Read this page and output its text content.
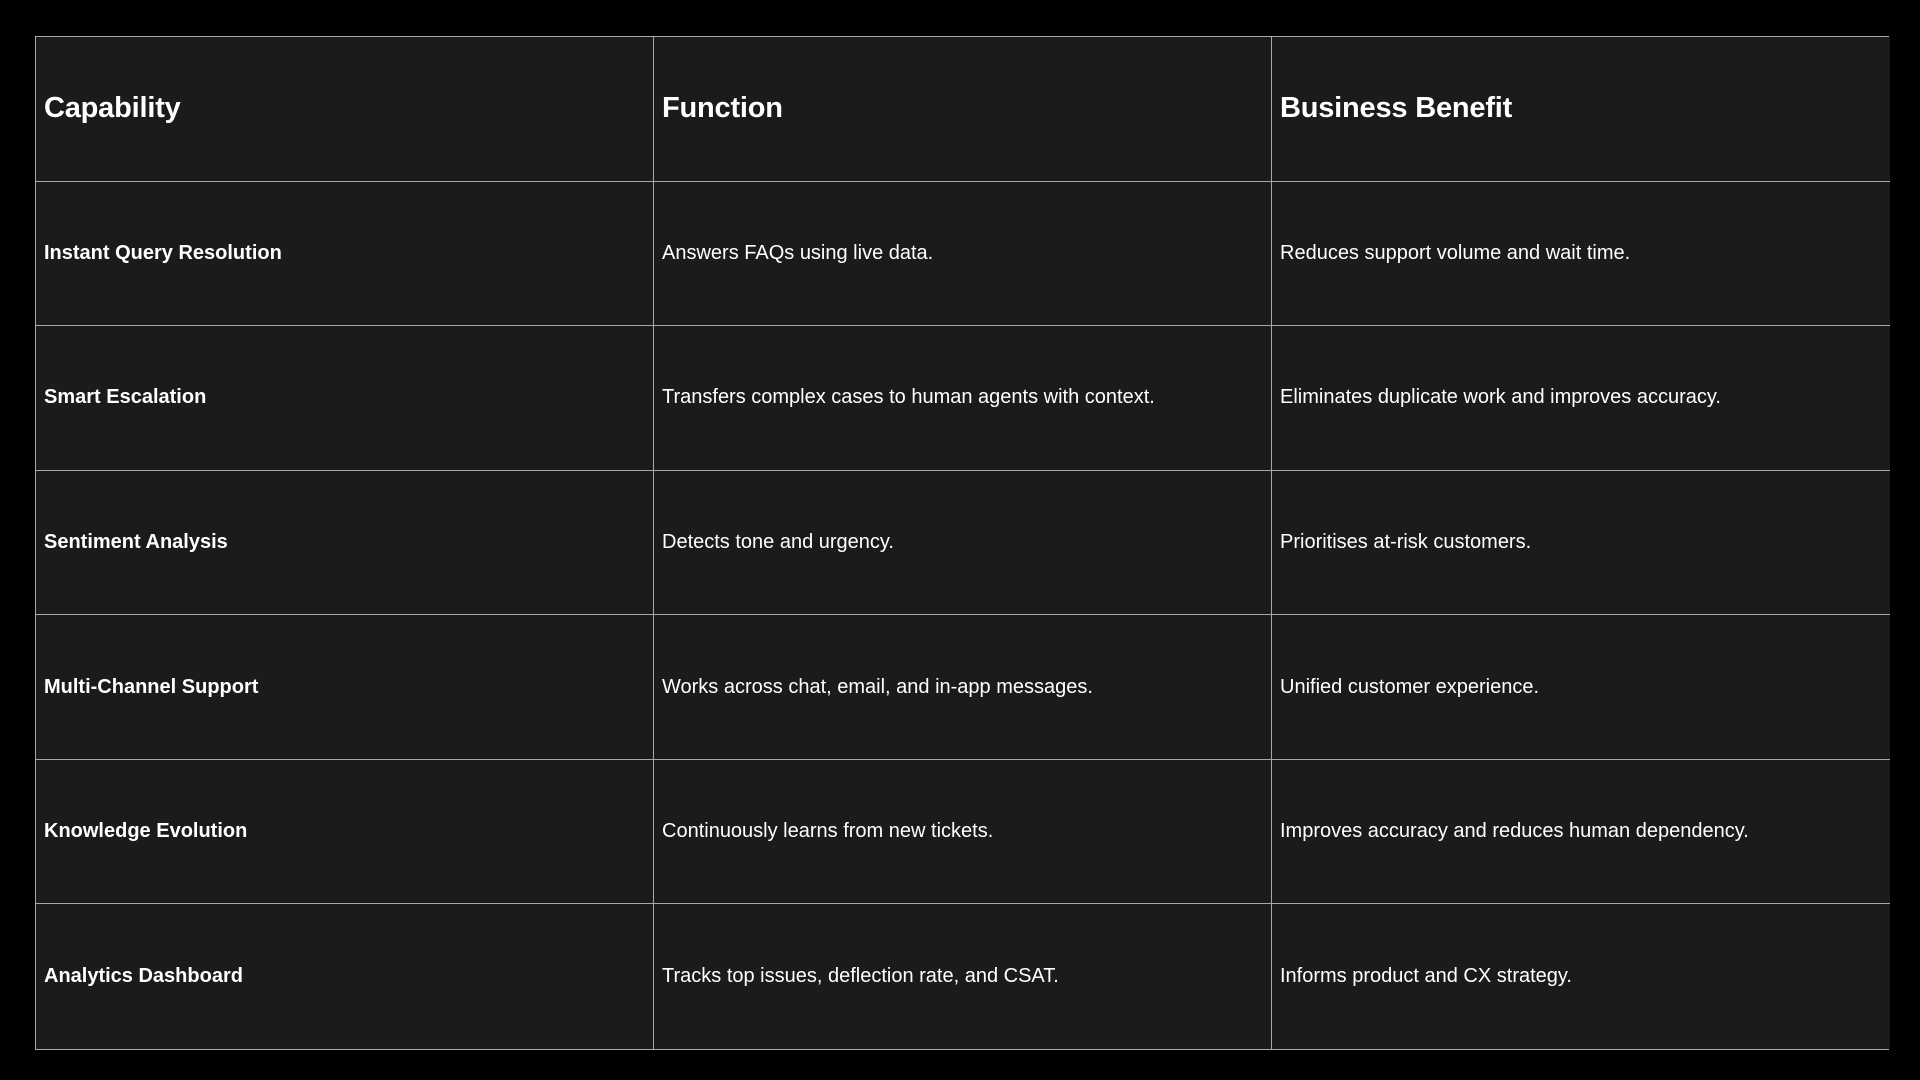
Capability	Function	Business Benefit
Instant Query Resolution	Answers FAQs using live data.	Reduces support volume and wait time.
Smart Escalation	Transfers complex cases to human agents with context.	Eliminates duplicate work and improves accuracy.
Sentiment Analysis	Detects tone and urgency.	Prioritises at-risk customers.
Multi-Channel Support	Works across chat, email, and in-app messages.	Unified customer experience.
Knowledge Evolution	Continuously learns from new tickets.	Improves accuracy and reduces human dependency.
Analytics Dashboard	Tracks top issues, deflection rate, and CSAT.	Informs product and CX strategy.
